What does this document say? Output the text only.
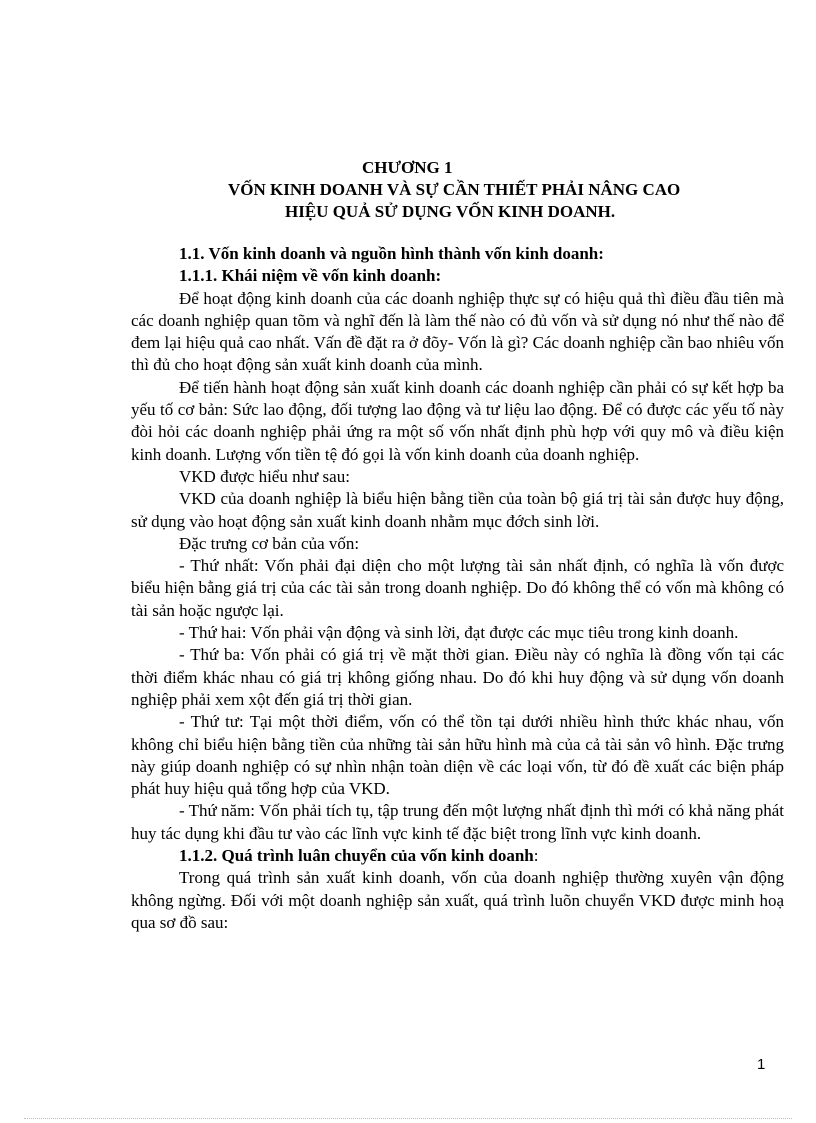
CHƯƠNG 1
VỐN KINH DOANH VÀ SỰ CẦN THIẾT PHẢI NÂNG CAO
HIỆU QUẢ SỬ DỤNG VỐN KINH DOANH.

1.1. Vốn kinh doanh và nguồn hình thành vốn kinh doanh:

1.1.1. Khái niệm về vốn kinh doanh:

Để hoạt động kinh doanh của các doanh nghiệp thực sự có hiệu quả thì điều đầu tiên mà các doanh nghiệp quan tõm và nghĩ đến là làm thế nào có đủ vốn và sử dụng nó như thế nào để đem lại hiệu quả cao nhất. Vấn đề đặt ra ở đõy- Vốn là gì? Các doanh nghiệp cần bao nhiêu vốn thì đủ cho hoạt động sản xuất kinh doanh của mình.

Để tiến hành hoạt động sản xuất kinh doanh các doanh nghiệp cần phải có sự kết hợp ba yếu tố cơ bản: Sức lao động, đối tượng lao động và tư liệu lao động. Để có được các yếu tố này đòi hỏi các doanh nghiệp phải ứng ra một số vốn nhất định phù hợp với quy mô và điều kiện kinh doanh. Lượng vốn tiền tệ đó gọi là vốn kinh doanh của doanh nghiệp.

VKD được hiểu như sau:

VKD của doanh nghiệp là biểu hiện bằng tiền của toàn bộ giá trị tài sản được huy động, sử dụng vào hoạt động sản xuất kinh doanh nhằm mục đớch sinh lời.

Đặc trưng cơ bản của vốn:

- Thứ nhất: Vốn phải đại diện cho một lượng tài sản nhất định, có nghĩa là vốn được biểu hiện bằng giá trị của các tài sản trong doanh nghiệp. Do đó không thể có vốn mà không có tài sản hoặc ngược lại.

- Thứ hai: Vốn phải vận động và sinh lời, đạt được các mục tiêu trong kinh doanh.

- Thứ ba: Vốn phải có giá trị về mặt thời gian. Điều này có nghĩa là đồng vốn tại các thời điểm khác nhau có giá trị không giống nhau. Do đó khi huy động và sử dụng vốn doanh nghiệp phải xem xột đến giá trị thời gian.

- Thứ tư: Tại một thời điểm, vốn có thể tồn tại dưới nhiều hình thức khác nhau, vốn không chỉ biểu hiện bằng tiền của những tài sản hữu hình mà của cả tài sản vô hình. Đặc trưng này giúp doanh nghiệp có sự nhìn nhận toàn diện về các loại vốn, từ đó đề xuất các biện pháp phát huy hiệu quả tổng hợp của VKD.

- Thứ năm: Vốn phải tích tụ, tập trung đến một lượng nhất định thì mới có khả năng phát huy tác dụng khi đầu tư vào các lĩnh vực kinh tế đặc biệt trong lĩnh vực kinh doanh.

1.1.2. Quá trình luân chuyển của vốn kinh doanh:

Trong quá trình sản xuất kinh doanh, vốn của doanh nghiệp thường xuyên vận động không ngừng. Đối với một doanh nghiệp sản xuất, quá trình luõn chuyển VKD được minh hoạ qua sơ đồ sau:

1
